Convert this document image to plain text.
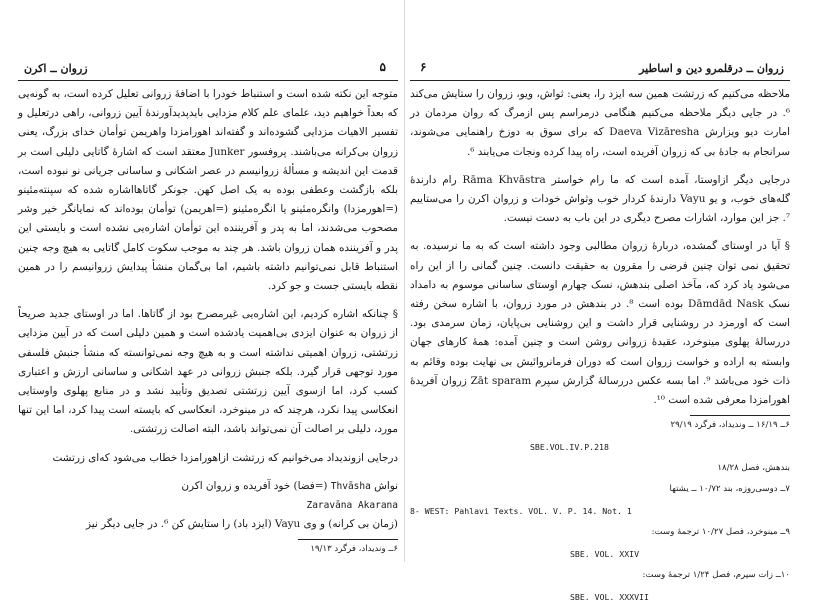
۵
زروان ــ اکرن

متوجه این نکته شده است و استنباط خودرا با اضافهٔ زروانی تعلیل کرده است، به گونه‌یی که بعداً خواهیم دید، علمای علم کلام مزدایی بایدپدیدآورندهٔ آیین زروانی، راهی درتعلیل و تفسیر الاهیات مزدایی گشوده‌اند و گفته‌اند اهورامزدا واهریمن توأمان خدای بزرگ، یعنی زروان بی‌کرانه می‌باشند. پروفسور Junker معتقد است که اشارهٔ گاتایی دلیلی است بر قدمت این اندیشه و مسألهٔ زروانیسم در عصر اشکانی و ساسانی جریانی نو نبوده است، بلکه بازگشت وعطفی بوده به یک اصل کهن. جونکر گاتاهااشاره شده که سپنته‌مئینو (=اهورمزدا) وانگره‌مئینو یا انگره‌مئینو (=اهریمن) توأمان بوده‌اند که نمایانگر خیر وشر مصحوب می‌شدند، اما به پدر و آفریننده این توأمان اشاره‌یی نشده است و بایستی این پدر و آفریننده همان زروان باشد. هر چند به موجب سکوت کامل گاتایی به هیچ وجه چنین استنباط قابل نمی‌توانیم داشته باشیم، اما بی‌گمان منشأ پیدایش زروانیسم را در همین نقطه بایستی جست و جو کرد.

§ چنانکه اشاره کردیم، این اشاره‌یی غیرمصرح بود از گاتاها. اما در اوستای جدید صریحاً از زروان به عنوان ایزدی بی‌اهمیت یادشده است و همین دلیلی است که در آیین مزدایی زرتشتی، زروان اهمیتی نداشته است و به هیچ وجه نمی‌توانسته که منشأ جنبش فلسفی مورد توجهی قرار گیرد. بلکه جنبش زروانی در عهد اشکانی و ساسانی ارزش و اعتباری کسب کرد، اما ازسوی آیین زرتشتی تصدیق وتأیید نشد و در منابع پهلوی واوستایی انعکاسی پیدا نکرد، هرچند که در مینوخرد، انعکاسی که بایسته است پیدا کرد، اما این تنها مورد، دلیلی بر اصالت آن نمی‌تواند باشد، البته اصالت زرتشتی.

درجایی ازوندیداد می‌خوانیم که زرتشت ازاهورامزدا خطاب می‌شود که‌ای زرتشت

نواش Thvāsha (=فضا) خود آفریده و زروان اکرن

Zaravāna Akarana

(زمان بی کرانه) و وی Vayu (ایزد باد) را ستایش کن ⁶. در جایی دیگر نیز

۶ــ وندیداد، فرگرد ۱۹/۱۳

زروان ــ درقلمرو دین و اساطیر
۶

ملاحظه می‌کنیم که زرتشت همین سه ایزد را، یعنی: ثواش، ویو، زروان را ستایش می‌کند ⁶. در جایی دیگر ملاحظه می‌کنیم هنگامی درمراسم پس ازمرگ که روان مردمان در امارت دیو ویزارش Daeva Vizāresha که برای سوق به دوزخ راهنمایی می‌شوند، سرانجام به جادهٔ بی که زروان آفریده است، راه پیدا کرده ونجات می‌یابند ⁶.

درجایی دیگر ازاوستا، آمده است که ما رام خواستر Rāma Khvāstra رام دارندهٔ گله‌های خوب، و یو Vayu دارندهٔ کردار خوب وثواش خودات و زروان اکرن را می‌ستاییم ⁷. جز این موارد، اشارات مصرح دیگری در این باب به دست نیست.

§ آیا در اوستای گمشده، دربارهٔ زروان مطالبی وجود داشته است که به ما نرسیده. به تحقیق نمی توان چنین فرضی را مقرون به حقیقت دانست. چنین گمانی را از این راه می‌شود یاد کرد که، مآخذ اصلی بندهش، نسک چهارم اوستای ساسانی موسوم به دامداد نسک Dāmdād Nask بوده است ⁸. در بندهش در مورد زروان، با اشاره سخن رفته است که اورمزد در روشنایی قرار داشت و این روشنایی بی‌پایان، زمان سرمدی بود. دررسالهٔ پهلوی مینوخرد، عقیدهٔ زروانی روشن است و چنین آمده: همهٔ کارهای جهان وابسته به اراده و خواست زروان است که دوران فرمانروائیش بی نهایت بوده وقائم به ذات خود می‌باشد ⁹. اما بسه عکس دررسالهٔ گزارش سپرم Zāt sparam زروان آفریدهٔ اهورامزدا معرفی شده است ¹⁰.

۶ــ ۱۶/۱۹ ــ وندیداد، فرگرد ۲۹/۱۹

SBE.VOL.IV.P.218

بندهش، فصل ۱۸/۲۸

۷ــ دوسی‌روزه، بند ۱۰/۷۲ ــ یشتها

8- WEST: Pahlavi Texts. VOL. V. P. 14. Not. 1

۹ــ مینوخرد، فصل ۱۰/۲۷ ترجمهٔ وست:

SBE. VOL. XXIV

۱۰ــ زات سپرم، فصل ۱/۲۴ ترجمهٔ وست:

SBE. VOL. XXXVII
